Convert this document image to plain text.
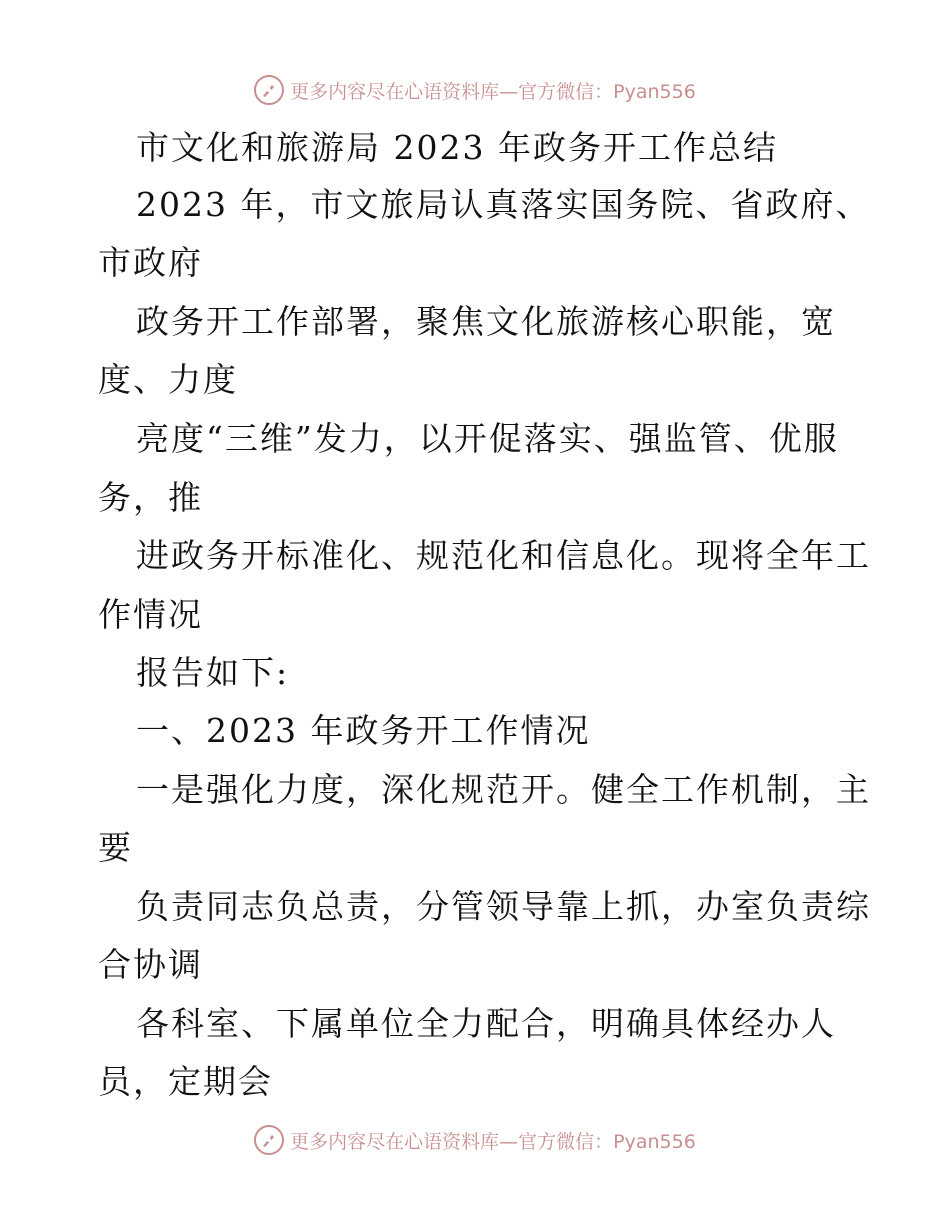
更多内容尽在心语资料库—官方微信：Pyan556
市文化和旅游局 2023 年政务开工作总结
2023 年，市文旅局认真落实国务院、省政府、
市政府
政务开工作部署，聚焦文化旅游核心职能，宽
度、力度
亮度“三维”发力，以开促落实、强监管、优服
务，推
进政务开标准化、规范化和信息化。现将全年工
作情况
报告如下:
一、2023 年政务开工作情况
一是强化力度，深化规范开。健全工作机制，主
要
负责同志负总责，分管领导靠上抓，办室负责综
合协调
各科室、下属单位全力配合，明确具体经办人
员，定期会
更多内容尽在心语资料库—官方微信：Pyan556
